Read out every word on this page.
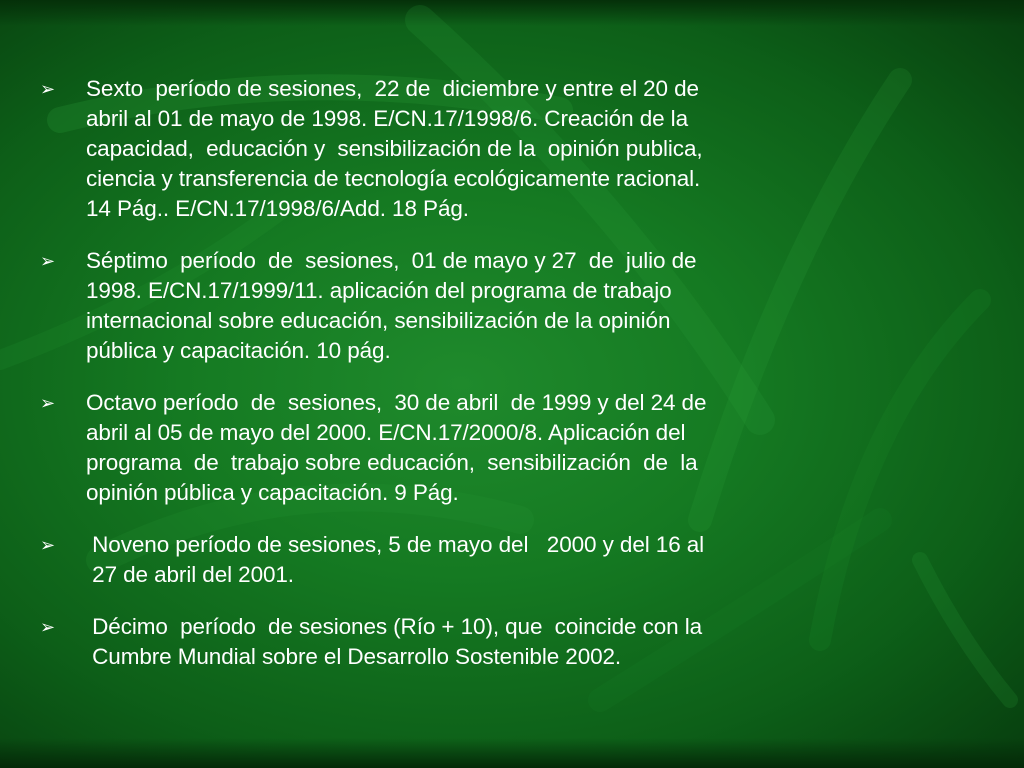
➢ Sexto  período de sesiones,  22 de  diciembre y entre el 20 de
abril al 01 de mayo de 1998. E/CN.17/1998/6. Creación de la
capacidad,  educación y  sensibilización de la  opinión publica,
ciencia y transferencia de tecnología ecológicamente racional.
14 Pág.. E/CN.17/1998/6/Add. 18 Pág.
➢ Séptimo  período  de  sesiones,  01 de mayo y 27  de  julio de
1998. E/CN.17/1999/11. aplicación del programa de trabajo
internacional sobre educación, sensibilización de la opinión
pública y capacitación. 10 pág.
➢ Octavo período  de  sesiones,  30 de abril  de 1999 y del 24 de
abril al 05 de mayo del 2000. E/CN.17/2000/8. Aplicación del
programa  de  trabajo sobre educación,  sensibilización  de  la
opinión pública y capacitación. 9 Pág.
➢ Noveno período de sesiones, 5 de mayo del   2000 y del 16 al
27 de abril del 2001.
➢ Décimo  período  de sesiones (Río + 10), que  coincide con la
Cumbre Mundial sobre el Desarrollo Sostenible 2002.
